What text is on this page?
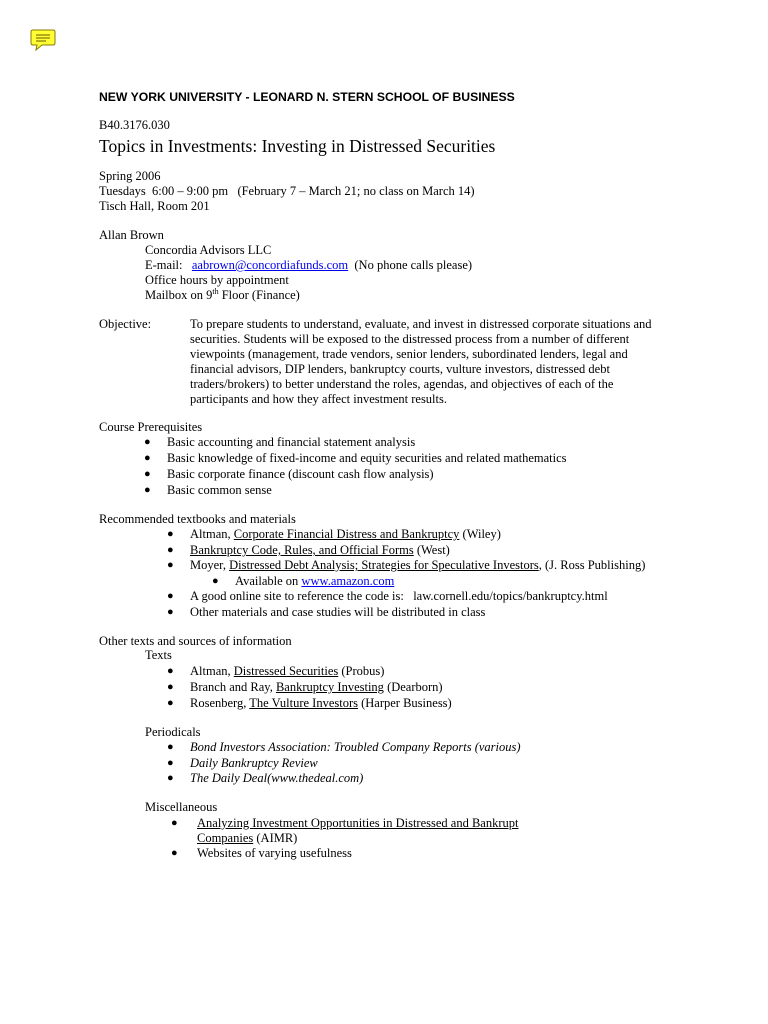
NEW YORK UNIVERSITY - LEONARD N. STERN SCHOOL OF BUSINESS
B40.3176.030
Topics in Investments: Investing in Distressed Securities
Spring 2006
Tuesdays  6:00 – 9:00 pm   (February 7 – March 21; no class on March 14)
Tisch Hall, Room 201
Allan Brown
Concordia Advisors LLC
E-mail: aabrown@concordiafunds.com (No phone calls please)
Office hours by appointment
Mailbox on 9th Floor (Finance)
Objective:	To prepare students to understand, evaluate, and invest in distressed corporate situations and
securities. Students will be exposed to the distressed process from a number of different
viewpoints (management, trade vendors, senior lenders, subordinated lenders, legal and
financial advisors, DIP lenders, bankruptcy courts, vulture investors, distressed debt
traders/brokers) to better understand the roles, agendas, and objectives of each of the
participants and how they affect investment results.
Course Prerequisites
● Basic accounting and financial statement analysis
● Basic knowledge of fixed-income and equity securities and related mathematics
● Basic corporate finance (discount cash flow analysis)
● Basic common sense
Recommended textbooks and materials
● Altman, Corporate Financial Distress and Bankruptcy (Wiley)
● Bankruptcy Code, Rules, and Official Forms (West)
● Moyer, Distressed Debt Analysis; Strategies for Speculative Investors, (J. Ross Publishing)
● Available on www.amazon.com
● A good online site to reference the code is:   law.cornell.edu/topics/bankruptcy.html
● Other materials and case studies will be distributed in class
Other texts and sources of information
Texts
● Altman, Distressed Securities (Probus)
● Branch and Ray, Bankruptcy Investing (Dearborn)
● Rosenberg, The Vulture Investors (Harper Business)
Periodicals
● Bond Investors Association: Troubled Company Reports (various)
● Daily Bankruptcy Review
● The Daily Deal(www.thedeal.com)
Miscellaneous
● Analyzing Investment Opportunities in Distressed and Bankrupt
Companies (AIMR)
● Websites of varying usefulness
